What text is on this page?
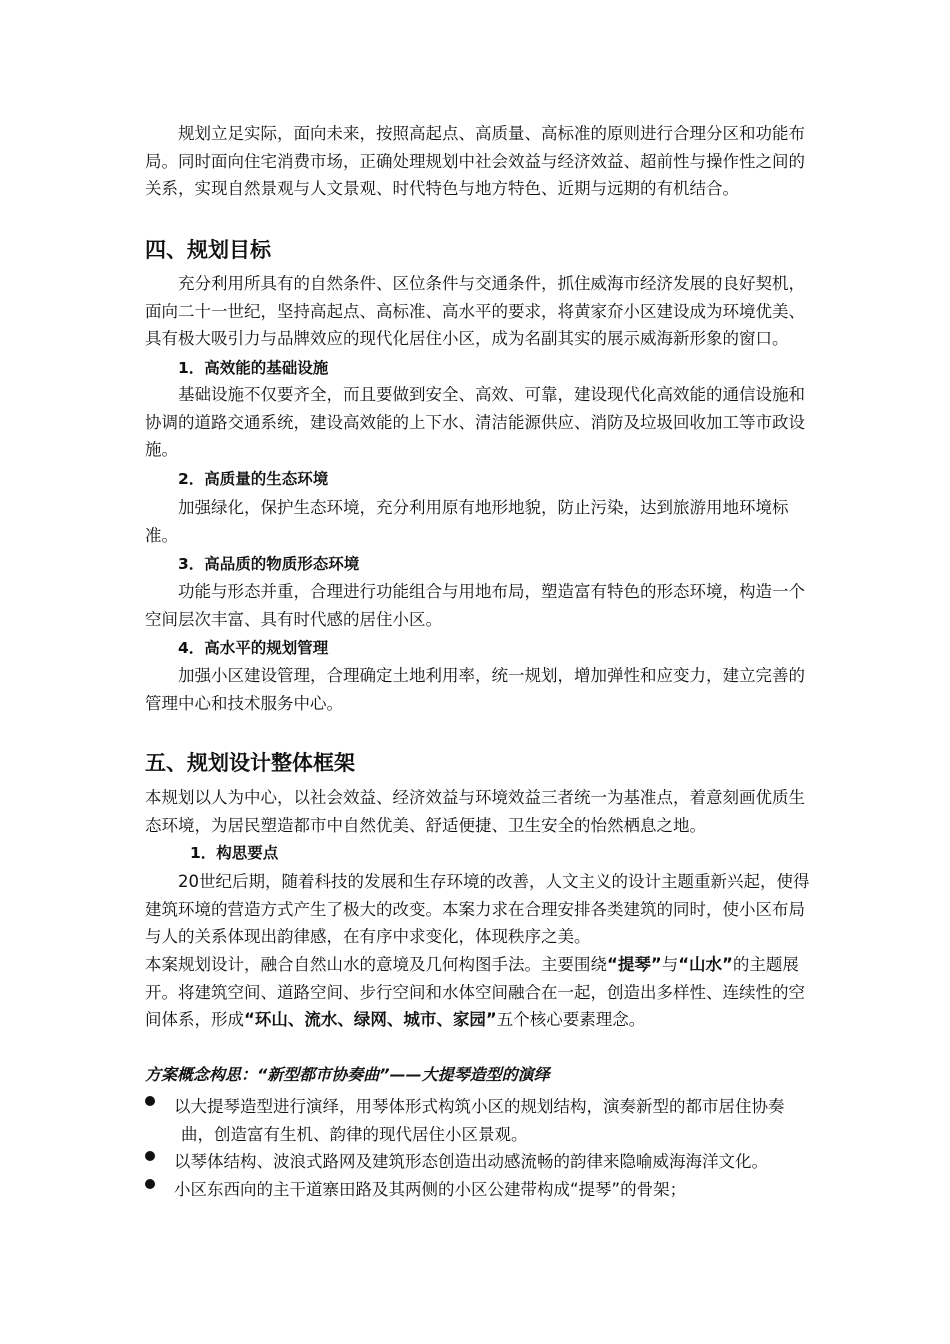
规划立足实际，面向未来，按照高起点、高质量、高标准的原则进行合理分区和功能布局。同时面向住宅消费市场，正确处理规划中社会效益与经济效益、超前性与操作性之间的关系，实现自然景观与人文景观、时代特色与地方特色、近期与远期的有机结合。

四、规划目标

充分利用所具有的自然条件、区位条件与交通条件，抓住威海市经济发展的良好契机，面向二十一世纪，坚持高起点、高标准、高水平的要求，将黄家夼小区建设成为环境优美、具有极大吸引力与品牌效应的现代化居住小区，成为名副其实的展示威海新形象的窗口。

1．高效能的基础设施

基础设施不仅要齐全，而且要做到安全、高效、可靠，建设现代化高效能的通信设施和协调的道路交通系统，建设高效能的上下水、清洁能源供应、消防及垃圾回收加工等市政设施。

2．高质量的生态环境

加强绿化，保护生态环境，充分利用原有地形地貌，防止污染，达到旅游用地环境标准。

3．高品质的物质形态环境

功能与形态并重，合理进行功能组合与用地布局，塑造富有特色的形态环境，构造一个空间层次丰富、具有时代感的居住小区。

4．高水平的规划管理

加强小区建设管理，合理确定土地利用率，统一规划，增加弹性和应变力，建立完善的管理中心和技术服务中心。

五、规划设计整体框架

本规划以人为中心，以社会效益、经济效益与环境效益三者统一为基准点，着意刻画优质生态环境，为居民塑造都市中自然优美、舒适便捷、卫生安全的怡然栖息之地。

1．构思要点

20世纪后期，随着科技的发展和生存环境的改善，人文主义的设计主题重新兴起，使得建筑环境的营造方式产生了极大的改变。本案力求在合理安排各类建筑的同时，使小区布局与人的关系体现出韵律感，在有序中求变化，体现秩序之美。

本案规划设计，融合自然山水的意境及几何构图手法。主要围绕“提琴”与“山水”的主题展开。将建筑空间、道路空间、步行空间和水体空间融合在一起，创造出多样性、连续性的空间体系，形成“环山、流水、绿网、城市、家园”五个核心要素理念。

方案概念构思：“新型都市协奏曲”——大提琴造型的演绎

以大提琴造型进行演绎，用琴体形式构筑小区的规划结构，演奏新型的都市居住协奏
曲，创造富有生机、韵律的现代居住小区景观。

以琴体结构、波浪式路网及建筑形态创造出动感流畅的韵律来隐喻威海海洋文化。

小区东西向的主干道寨田路及其两侧的小区公建带构成“提琴”的骨架；
